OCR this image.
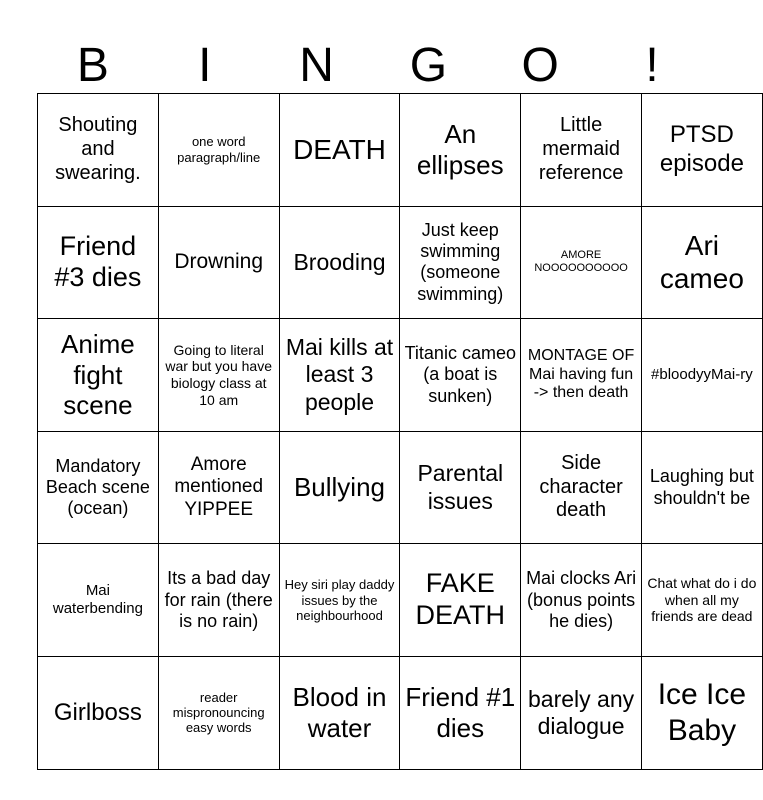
B	I	N	G	O	!
Shouting and swearing.	one word paragraph/line	DEATH	An ellipses	Little mermaid reference	PTSD episode
Friend #3 dies	Drowning	Brooding	Just keep swimming (someone swimming)	AMORE NOOOOOOOOOO	Ari cameo
Anime fight scene	Going to literal war but you have biology class at 10 am	Mai kills at least 3 people	Titanic cameo (a boat is sunken)	MONTAGE OF Mai having fun -> then death	#bloodyyMai-ry
Mandatory Beach scene (ocean)	Amore mentioned YIPPEE	Bullying	Parental issues	Side character death	Laughing but shouldn't be
Mai waterbending	Its a bad day for rain (there is no rain)	Hey siri play daddy issues by the neighbourhood	FAKE DEATH	Mai clocks Ari (bonus points he dies)	Chat what do i do when all my friends are dead
Girlboss	reader mispronouncing easy words	Blood in water	Friend #1 dies	barely any dialogue	Ice Ice Baby
